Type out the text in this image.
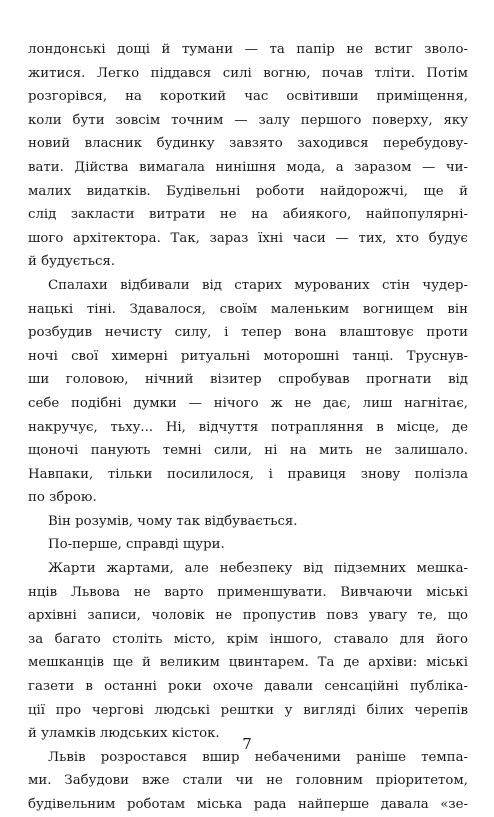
лондонські дощі й тумани — та папір не встиг зволо-
житися. Легко піддався силі вогню, почав тліти. Потім
розгорівся, на короткий час освітивши приміщення,
коли бути зовсім точним — залу першого поверху, яку
новий власник будинку завзято заходився перебудову-
вати. Дійства вимагала нинішня мода, а заразом — чи-
малих видатків. Будівельні роботи найдорожчі, ще й
слід закласти витрати не на абиякого, найпопулярні-
шого архітектора. Так, зараз їхні часи — тих, хто будує
й будується.
Спалахи відбивали від старих мурованих стін чудер-
нацькі тіні. Здавалося, своїм маленьким вогнищем він
розбудив нечисту силу, і тепер вона влаштовує проти
ночі свої химерні ритуальні моторошні танці. Труснув-
ши головою, нічний візитер спробував прогнати від
себе подібні думки — нічого ж не дає, лиш нагнітає,
накручує, тьху... Ні, відчуття потрапляння в місце, де
щоночі панують темні сили, ні на мить не залишало.
Навпаки, тільки посилилося, і правиця знову полізла
по зброю.
Він розумів, чому так відбувається.
По-перше, справді щури.
Жарти жартами, але небезпеку від підземних мешка-
нців Львова не варто применшувати. Вивчаючи міські
архівні записи, чоловік не пропустив повз увагу те, що
за багато століть місто, крім іншого, ставало для його
мешканців ще й великим цвинтарем. Та де архіви: міські
газети в останні роки охоче давали сенсаційні публіка-
ції про чергові людські рештки у вигляді білих черепів
й уламків людських кісток.
Львів розростався вшир небаченими раніше темпа-
ми. Забудови вже стали чи не головним пріоритетом,
будівельним роботам міська рада найперше давала «зе-
7
